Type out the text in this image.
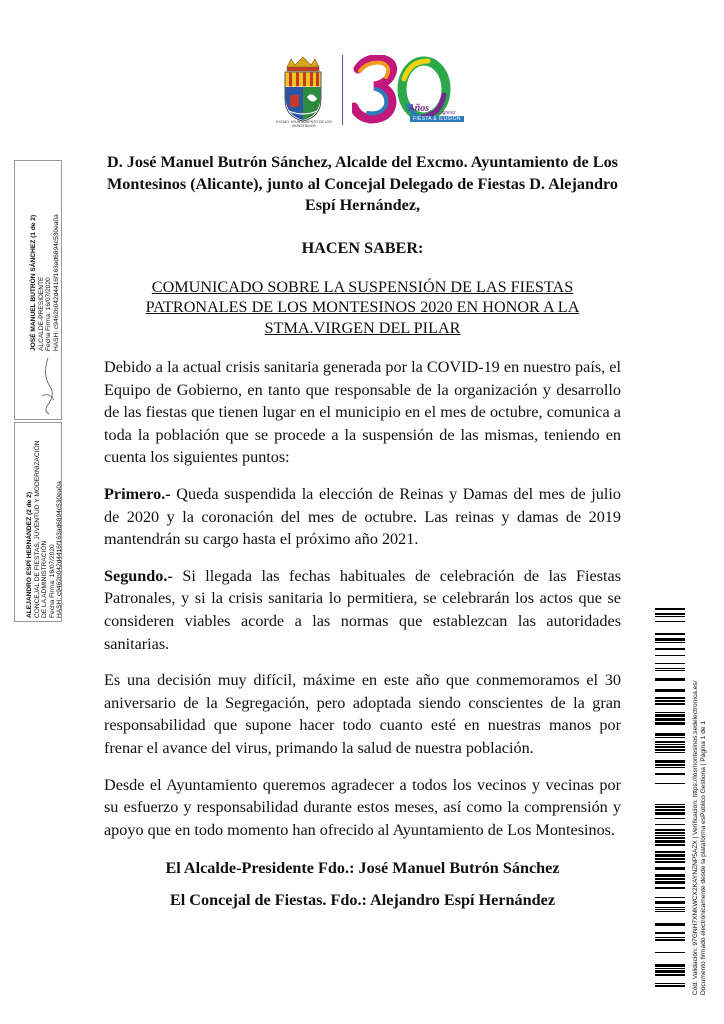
EXCMO. AYUNTAMIENTO DE LOS MONTESINOS
Años
de Progreso
FIESTA & ILUSIÓN
JOSÉ MANUEL BUTRÓN SÁNCHEZ (1 de 2) ALCALDE-PRESIDENTE Fecha Firma: 16/07/2020 HASH: c9462b042d4416f163ad6894c530ea0a
ALEJANDRO ESPÍ HERNÁNDEZ (2 de 2) CONCEJAL DE FIESTAS, JUVENTUD Y MODERNIZACIÓN DE LA ADMINISTRACIÓN Fecha Firma: 16/07/2020 HASH: c9462b042d4416f163ad6894c530ea0a
Cód. Validación: 97GNH7XNKWCX2KAYNZNP5AZX | Verificación: https://losmontesinos.sedelectronica.es/ Documento firmado electrónicamente desde la plataforma esPublico Gestiona | Página 1 de 1

D. José Manuel Butrón Sánchez, Alcalde del Excmo. Ayuntamiento de Los Montesinos (Alicante), junto al Concejal Delegado de Fiestas D. Alejandro Espí Hernández,

HACEN SABER:

COMUNICADO SOBRE LA SUSPENSIÓN DE LAS FIESTAS PATRONALES DE LOS MONTESINOS 2020 EN HONOR A LA STMA.VIRGEN DEL PILAR

Debido a la actual crisis sanitaria generada por la COVID-19 en nuestro país, el Equipo de Gobierno, en tanto que responsable de la organización y desarrollo de las fiestas que tienen lugar en el municipio en el mes de octubre, comunica a toda la población que se procede a la suspensión de las mismas, teniendo en cuenta los siguientes puntos:

Primero.- Queda suspendida la elección de Reinas y Damas del mes de julio de 2020 y la coronación del mes de octubre. Las reinas y damas de 2019 mantendrán su cargo hasta el próximo año 2021.

Segundo.- Si llegada las fechas habituales de celebración de las Fiestas Patronales, y si la crisis sanitaria lo permitiera, se celebrarán los actos que se consideren viables acorde a las normas que establezcan las autoridades sanitarias.

Es una decisión muy difícil, máxime en este año que conmemoramos el 30 aniversario de la Segregación, pero adoptada siendo conscientes de la gran responsabilidad que supone hacer todo cuanto esté en nuestras manos por frenar el avance del virus, primando la salud de nuestra población.

Desde el Ayuntamiento queremos agradecer a todos los vecinos y vecinas por su esfuerzo y responsabilidad durante estos meses, así como la comprensión y apoyo que en todo momento han ofrecido al Ayuntamiento de Los Montesinos.

El Alcalde-Presidente Fdo.: José Manuel Butrón Sánchez

El Concejal de Fiestas. Fdo.: Alejandro Espí Hernández
